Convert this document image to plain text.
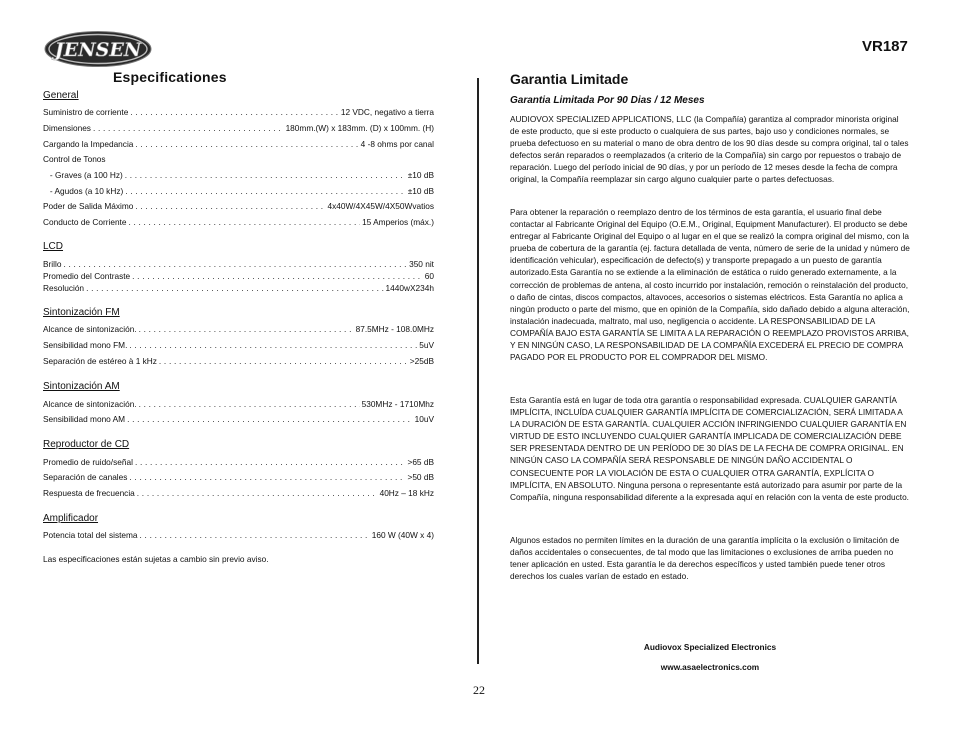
JENSEN	VR187
Especificationes
General
Suministro de corriente . . .	12 VDC, negativo a tierra
Dimensiones . . .	180mm.(W) x 183mm. (D) x 100mm. (H)
Cargando la Impedancia . . .	4 -8 ohms por canal
Control de Tonos
- Graves (a 100 Hz) . . .	±10 dB
- Agudos (a 10 kHz) . . .	±10 dB
Poder de Salida Máximo . . .	4x40W/4X45W/4X50Wvatios
Conducto de Corriente . . .	15 Amperios (máx.)
LCD
Brillo . . .	350 nit
Promedio del Contraste . . .	60
Resolución . . .	1440wX234h
Sintonización FM
Alcance de sintonización. . . .	87.5MHz - 108.0MHz
Sensibilidad mono FM. . . .	5uV
Separación de estéreo à 1 kHz . . .	>25dB
Sintonización AM
Alcance de sintonización. . . .	530MHz - 1710Mhz
Sensibilidad mono AM . . .	10uV
Reproductor de CD
Promedio de ruido/señal . . .	>65 dB
Separación de canales . . .	>50 dB
Respuesta de frecuencia . . .	40Hz – 18 kHz
Amplificador
Potencia total del sistema . . .	160 W (40W x 4)
Las especificaciones están sujetas a cambio sin previo aviso.
Garantia Limitade
Garantia Limitada Por 90 Dias / 12 Meses

AUDIOVOX SPECIALIZED APPLICATIONS, LLC (la Compañía) garantiza al comprador minorista original de este producto, que si este producto o cualquiera de sus partes, bajo uso y condiciones normales, se prueba defectuoso en su material o mano de obra dentro de los 90 días desde su compra original, tal o tales defectos serán reparados o reemplazados (a criterio de la Compañía) sin cargo por repuestos o trabajo de reparación. Luego del período inicial de 90 días, y por un período de 12 meses desde la fecha de compra original, la Compañía reemplazar sin cargo alguno cualquier parte o partes defectuosas.

Para obtener la reparación o reemplazo dentro de los términos de esta garantía, el usuario final debe contactar al Fabricante Original del Equipo (O.E.M., Original, Equipment Manufacturer). El producto se debe entregar al Fabricante Original del Equipo o al lugar en el que se realizó la compra original del mismo, con la prueba de cobertura de la garantía (ej. factura detallada de venta, número de serie de la unidad y número de identificación vehicular), especificación de defecto(s) y transporte prepagado a un puesto de garantía autorizado.Esta Garantía no se extiende a la eliminación de estática o ruido generado externamente, a la corrección de problemas de antena, al costo incurrido por instalación, remoción o reinstalación del producto, o daño de cintas, discos compactos, altavoces, accesorios o sistemas eléctricos. Esta Garantía no aplica a ningún producto o parte del mismo, que en opinión de la Compañía, sido dañado debido a alguna alteración, instalación inadecuada, maltrato, mal uso, negligencia o accidente. LA RESPONSABILIDAD DE LA COMPAÑÍA BAJO ESTA GARANTÍA SE LIMITA A LA REPARACIÓN O REEMPLAZO PROVISTOS ARRIBA, Y EN NINGÚN CASO, LA RESPONSABILIDAD DE LA COMPAÑÍA EXCEDERÁ EL PRECIO DE COMPRA PAGADO POR EL PRODUCTO POR EL COMPRADOR DEL MISMO.

Esta Garantía está en lugar de toda otra garantía o responsabilidad expresada. CUALQUIER GARANTÍA IMPLÍCITA, INCLUÍDA CUALQUIER GARANTÍA IMPLÍCITA DE COMERCIALIZACIÓN, SERÁ LIMITADA A LA DURACIÓN DE ESTA GARANTÍA. CUALQUIER ACCIÓN INFRINGIENDO CUALQUIER GARANTÍA EN VIRTUD DE ESTO INCLUYENDO CUALQUIER GARANTÍA IMPLICADA DE COMERCIALIZACIÓN DEBE SER PRESENTADA DENTRO DE UN PERÍODO DE 30 DÍAS DE LA FECHA DE COMPRA ORIGINAL. EN NINGÚN CASO LA COMPAÑÍA SERÁ RESPONSABLE DE NINGÚN DAÑO ACCIDENTAL O CONSECUENTE POR LA VIOLACIÓN DE ESTA O CUALQUIER OTRA GARANTÍA, EXPLÍCITA O IMPLÍCITA, EN ABSOLUTO. Ninguna persona o representante está autorizado para asumir por parte de la Compañía, ninguna responsabilidad diferente a la expresada aquí en relación con la venta de este producto.

Algunos estados no permiten límites en la duración de una garantía implícita o la exclusión o limitación de daños accidentales o consecuentes, de tal modo que las limitaciones o exclusiones de arriba pueden no tener aplicación en usted. Esta garantía le da derechos específicos y usted también puede tener otros derechos los cuales varían de estado en estado.

Audiovox Specialized Electronics
www.asaelectronics.com
22
